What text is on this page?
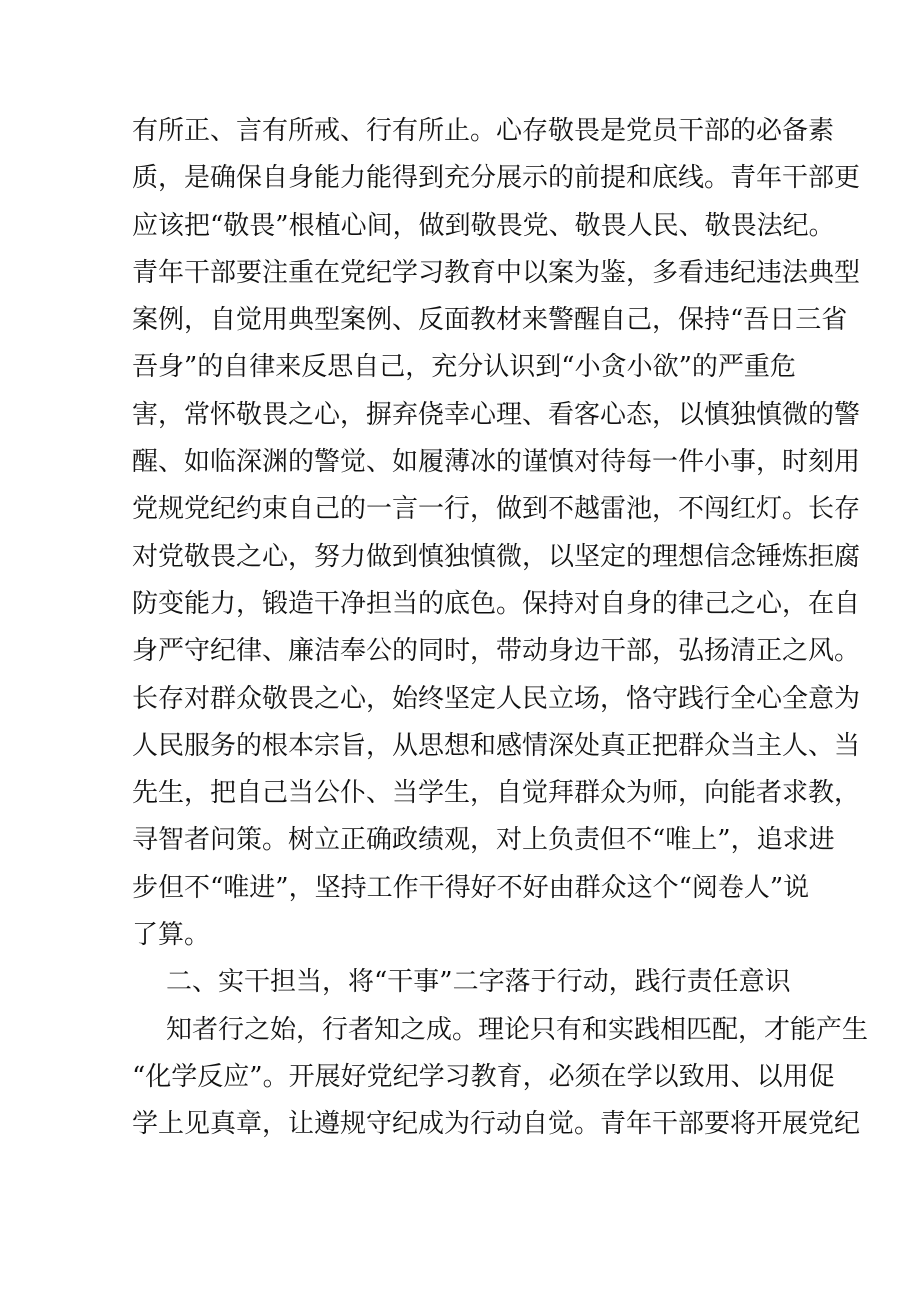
有所正、言有所戒、行有所止。心存敬畏是党员干部的必备素
质，是确保自身能力能得到充分展示的前提和底线。青年干部更
应该把“敬畏”根植心间，做到敬畏党、敬畏人民、敬畏法纪。
青年干部要注重在党纪学习教育中以案为鉴，多看违纪违法典型
案例，自觉用典型案例、反面教材来警醒自己，保持“吾日三省
吾身”的自律来反思自己，充分认识到“小贪小欲”的严重危
害，常怀敬畏之心，摒弃侥幸心理、看客心态，以慎独慎微的警
醒、如临深渊的警觉、如履薄冰的谨慎对待每一件小事，时刻用
党规党纪约束自己的一言一行，做到不越雷池，不闯红灯。长存
对党敬畏之心，努力做到慎独慎微，以坚定的理想信念锤炼拒腐
防变能力，锻造干净担当的底色。保持对自身的律己之心，在自
身严守纪律、廉洁奉公的同时，带动身边干部，弘扬清正之风。
长存对群众敬畏之心，始终坚定人民立场，恪守践行全心全意为
人民服务的根本宗旨，从思想和感情深处真正把群众当主人、当
先生，把自己当公仆、当学生，自觉拜群众为师，向能者求教，
寻智者问策。树立正确政绩观，对上负责但不“唯上”，追求进
步但不“唯进”，坚持工作干得好不好由群众这个“阅卷人”说
了算。
二、实干担当，将“干事”二字落于行动，践行责任意识
知者行之始，行者知之成。理论只有和实践相匹配，才能产生
“化学反应”。开展好党纪学习教育，必须在学以致用、以用促
学上见真章，让遵规守纪成为行动自觉。青年干部要将开展党纪
